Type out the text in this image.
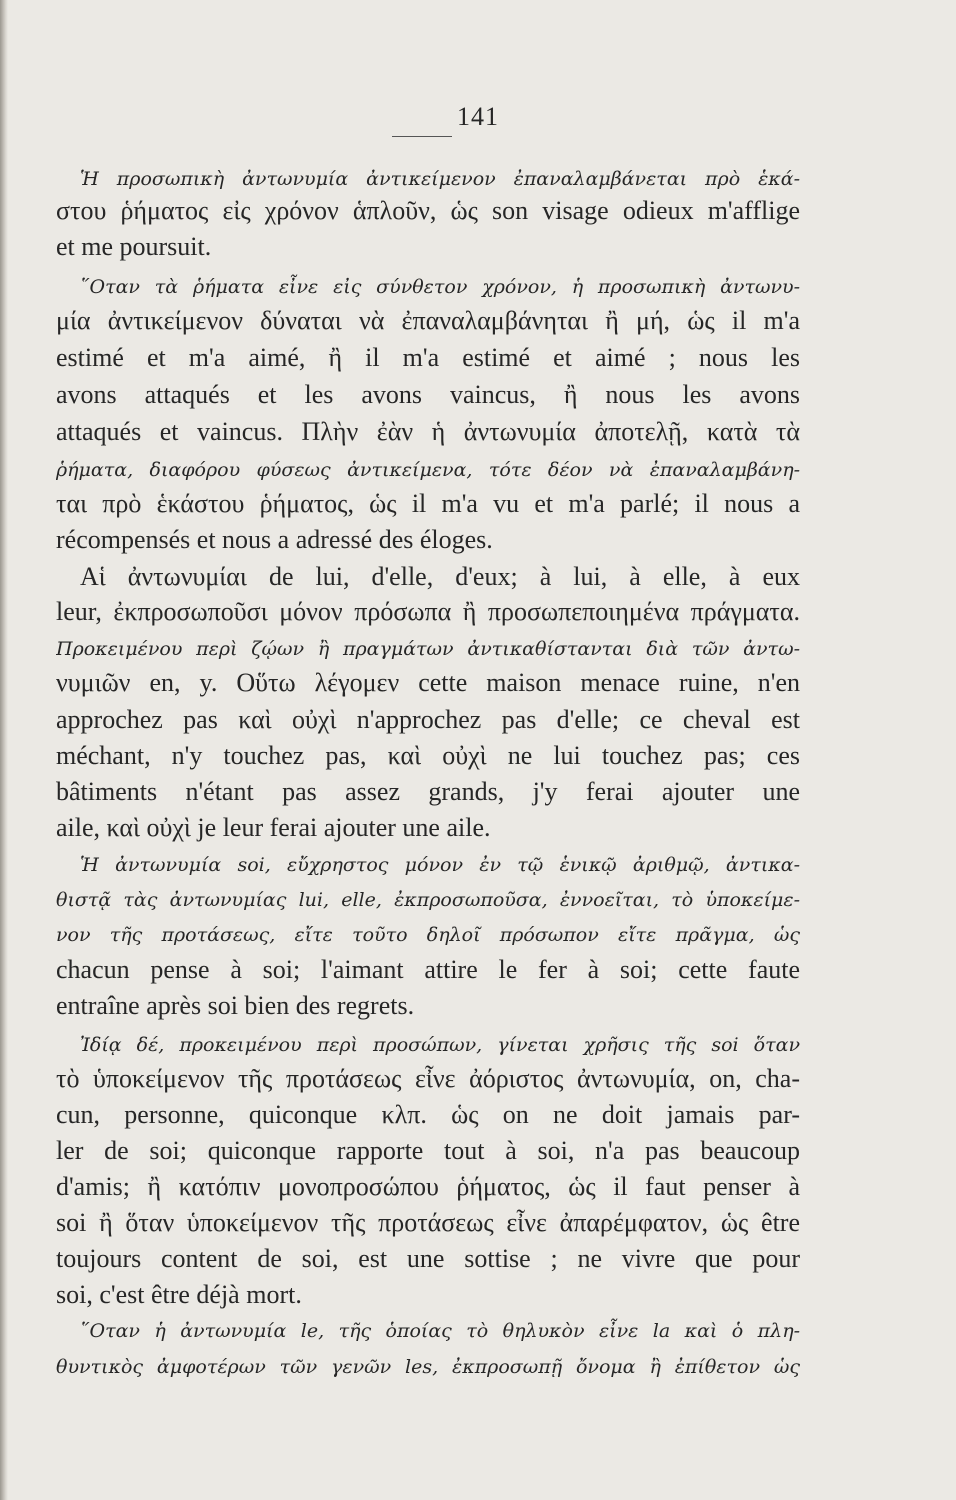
141
Ἡ προσωπικὴ ἀντωνυμία ἀντικείμενον ἐπαναλαμβάνεται πρὸ ἑκά-
στου ῥήματος εἰς χρόνον ἁπλοῦν, ὡς son visage odieux m'afflige
et me poursuit.
῞Οταν τὰ ῥήματα εἶνε εἰς σύνθετον χρόνον, ἡ προσωπικὴ ἀντωνυ-
μία ἀντικείμενον δύναται νὰ ἐπαναλαμβάνηται ἢ μή, ὡς il m'a
estimé et m'a aimé, ἢ il m'a estimé et aimé ; nous les
avons attaqués et les avons vaincus, ἢ nous les avons
attaqués et vaincus. Πλὴν ἐὰν ἡ ἀντωνυμία ἀποτελῇ, κατὰ τὰ
ῥήματα, διαφόρου φύσεως ἀντικείμενα, τότε δέον νὰ ἐπαναλαμβάνη-
ται πρὸ ἑκάστου ῥήματος, ὡς il m'a vu et m'a parlé; il nous a
récompensés et nous a adressé des éloges.
Αἱ ἀντωνυμίαι de lui, d'elle, d'eux; à lui, à elle, à eux
leur, ἐκπροσωποῦσι μόνον πρόσωπα ἢ προσωπεποιημένα πράγματα.
Προκειμένου περὶ ζῴων ἢ πραγμάτων ἀντικαθίστανται διὰ τῶν ἀντω-
νυμιῶν en, y. Οὕτω λέγομεν cette maison menace ruine, n'en
approchez pas καὶ οὐχὶ n'approchez pas d'elle; ce cheval est
méchant, n'y touchez pas, καὶ οὐχὶ ne lui touchez pas; ces
bâtiments n'étant pas assez grands, j'y ferai ajouter une
aile, καὶ οὐχὶ je leur ferai ajouter une aile.
Ἡ ἀντωνυμία soi, εὔχρηστος μόνον ἐν τῷ ἑνικῷ ἀριθμῷ, ἀντικα-
θιστᾷ τὰς ἀντωνυμίας lui, elle, ἐκπροσωποῦσα, ἐννοεῖται, τὸ ὑποκείμε-
νον τῆς προτάσεως, εἴτε τοῦτο δηλοῖ πρόσωπον εἴτε πρᾶγμα, ὡς
chacun pense à soi; l'aimant attire le fer à soi; cette faute
entraîne après soi bien des regrets.
Ἰδίᾳ δέ, προκειμένου περὶ προσώπων, γίνεται χρῆσις τῆς soi ὅταν
τὸ ὑποκείμενον τῆς προτάσεως εἶνε ἀόριστος ἀντωνυμία, on, cha-
cun, personne, quiconque κλπ. ὡς on ne doit jamais par-
ler de soi; quiconque rapporte tout à soi, n'a pas beaucoup
d'amis; ἢ κατόπιν μονοπροσώπου ῥήματος, ὡς il faut penser à
soi ἢ ὅταν ὑποκείμενον τῆς προτάσεως εἶνε ἀπαρέμφατον, ὡς être
toujours content de soi, est une sottise ; ne vivre que pour
soi, c'est être déjà mort.
῞Οταν ἡ ἀντωνυμία le, τῆς ὁποίας τὸ θηλυκὸν εἶνε la καὶ ὁ πλη-
θυντικὸς ἀμφοτέρων τῶν γενῶν les, ἐκπροσωπῇ ὄνομα ἢ ἐπίθετον ὡς
